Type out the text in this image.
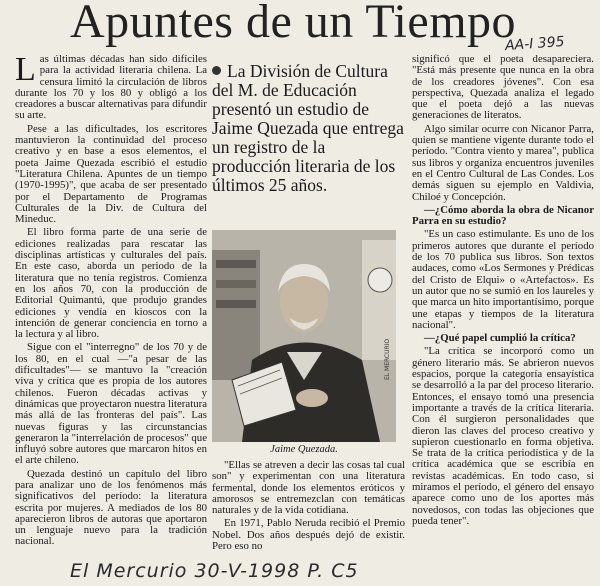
Apuntes de un Tiempo
AA-I 395

Las últimas décadas han sido difíciles para la actividad literaria chilena. La censura limitó la circulación de libros durante los 70 y los 80 y obligó a los creadores a buscar alternativas para difundir su arte.

Pese a las dificultades, los escritores mantuvieron la continuidad del proceso creativo y en base a esos elementos, el poeta Jaime Quezada escribió el estudio "Literatura Chilena. Apuntes de un tiempo (1970-1995)", que acaba de ser presentado por el Departamento de Programas Culturales de la Div. de Cultura del Mineduc.

El libro forma parte de una serie de ediciones realizadas para rescatar las disciplinas artísticas y culturales del país. En este caso, aborda un periodo de la literatura que no tenía registros. Comienza en los años 70, con la producción de Editorial Quimantú, que produjo grandes ediciones y vendía en kioscos con la intención de generar conciencia en torno a la lectura y al libro.

Sigue con el "interregno" de los 70 y de los 80, en el cual —"a pesar de las dificultades"— se mantuvo la "creación viva y crítica que es propia de los autores chilenos. Fueron décadas activas y dinámicas que proyectaron nuestra literatura más allá de las fronteras del país". Las nuevas figuras y las circunstancias generaron la "interrelación de procesos" que influyó sobre autores que marcaron hitos en el arte chileno.

Quezada destinó un capítulo del libro para analizar uno de los fenómenos más significativos del período: la literatura escrita por mujeres. A mediados de los 80 aparecieron libros de autoras que aportaron un lenguaje nuevo para la tradición nacional.

La División de Cultura del M. de Educación presentó un estudio de Jaime Quezada que entrega un registro de la producción literaria de los últimos 25 años.
EL MERCURIO
Jaime Quezada.

"Ellas se atreven a decir las cosas tal cual son" y experimentan con una literatura fermental, donde los elementos eróticos y amorosos se entremezclan con temáticas naturales y de la vida cotidiana.

En 1971, Pablo Neruda recibió el Premio Nobel. Dos años después dejó de existir. Pero eso no

significó que el poeta desapareciera. "Está más presente que nunca en la obra de los creadores jóvenes". Con esa perspectiva, Quezada analiza el legado que el poeta dejó a las nuevas generaciones de literatos.

Algo similar ocurre con Nicanor Parra, quien se mantiene vigente durante todo el período. "Contra viento y marea", publica sus libros y organiza encuentros juveniles en el Centro Cultural de Las Condes. Los demás siguen su ejemplo en Valdivia, Chiloé y Concepción.

—¿Cómo aborda la obra de Nicanor Parra en su estudio?

"Es un caso estimulante. Es uno de los primeros autores que durante el período de los 70 publica sus libros. Son textos audaces, como «Los Sermones y Prédicas del Cristo de Elqui» o «Artefactos». Es un autor que no se sumió en los laureles y que marca un hito importantísimo, porque une etapas y tiempos de la literatura nacional".

—¿Qué papel cumplió la crítica?

"La crítica se incorporó como un género literario más. Se abrieron nuevos espacios, porque la categoría ensayística se desarrolló a la par del proceso literario. Entonces, el ensayo tomó una presencia importante a través de la crítica literaria. Con él surgieron personalidades que dieron las claves del proceso creativo y supieron cuestionarlo en forma objetiva. Se trata de la crítica periodística y de la crítica académica que se escribía en revistas académicas. En todo caso, si miramos el período, el género del ensayo aparece como uno de los aportes más novedosos, con todas las objeciones que pueda tener".

El Mercurio 30-V-1998 P. C5
